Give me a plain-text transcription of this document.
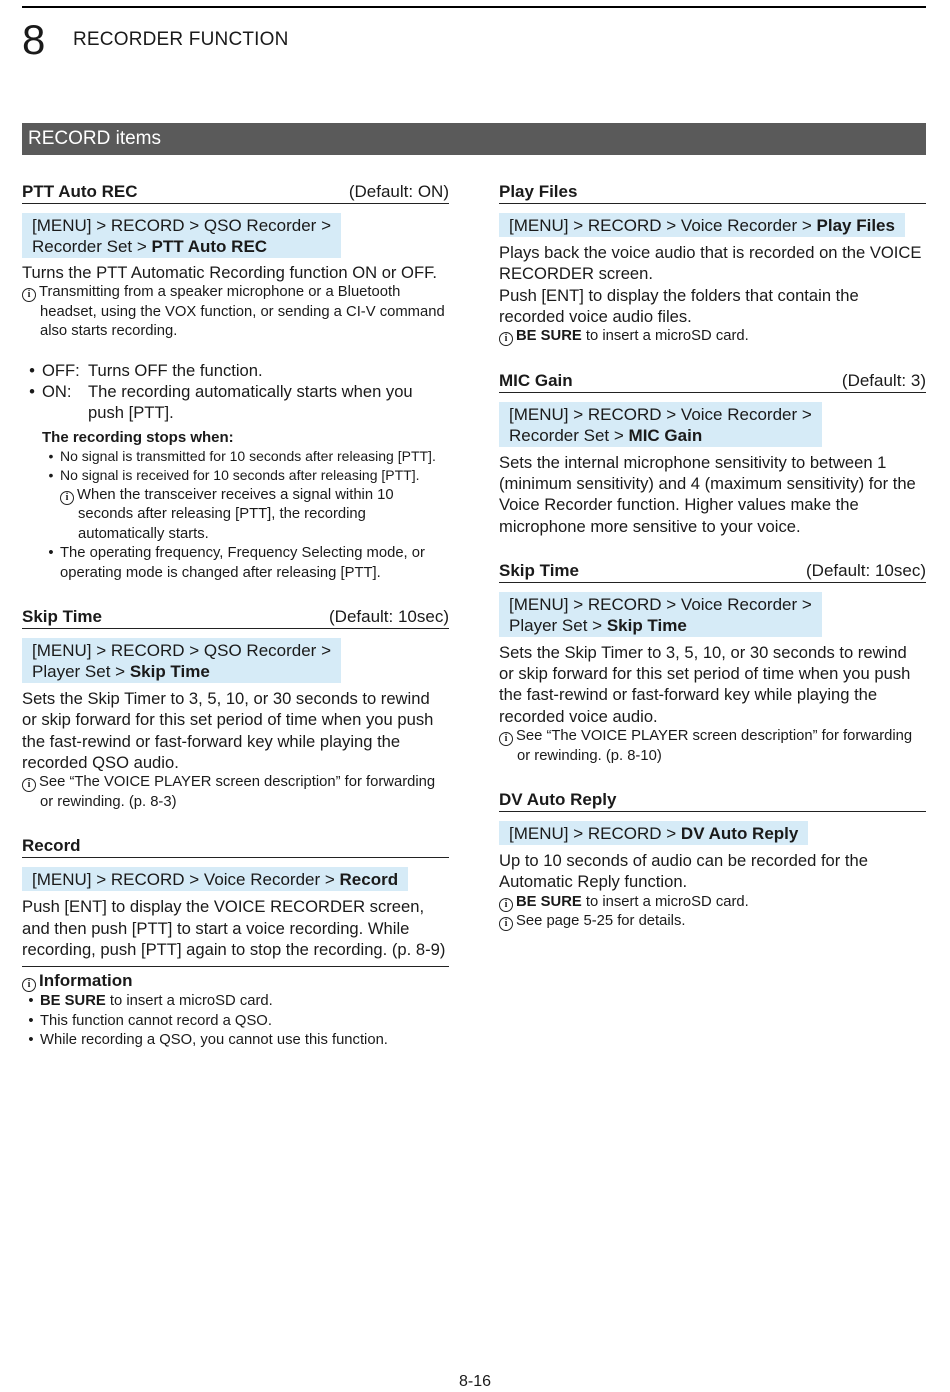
8 RECORDER FUNCTION
RECORD items
PTT Auto REC	(Default: ON)
[MENU] > RECORD > QSO Recorder >
Recorder Set > PTT Auto REC
Turns the PTT Automatic Recording function ON or OFF.
i Transmitting from a speaker microphone or a Bluetooth headset, using the VOX function, or sending a CI-V command also starts recording.
• OFF: Turns OFF the function.
• ON: The recording automatically starts when you push [PTT].
The recording stops when:
• No signal is transmitted for 10 seconds after releasing [PTT].
• No signal is received for 10 seconds after releasing [PTT].
i When the transceiver receives a signal within 10 seconds after releasing [PTT], the recording automatically starts.
• The operating frequency, Frequency Selecting mode, or operating mode is changed after releasing [PTT].
Skip Time	(Default: 10sec)
[MENU] > RECORD > QSO Recorder >
Player Set > Skip Time
Sets the Skip Timer to 3, 5, 10, or 30 seconds to rewind or skip forward for this set period of time when you push the fast-rewind or fast-forward key while playing the recorded QSO audio.
i See “The VOICE PLAYER screen description” for forwarding or rewinding. (p. 8-3)
Record
[MENU] > RECORD > Voice Recorder > Record
Push [ENT] to display the VOICE RECORDER screen, and then push [PTT] to start a voice recording. While recording, push [PTT] again to stop the recording. (p. 8-9)
i Information
• BE SURE to insert a microSD card.
• This function cannot record a QSO.
• While recording a QSO, you cannot use this function.
Play Files
[MENU] > RECORD > Voice Recorder > Play Files
Plays back the voice audio that is recorded on the VOICE RECORDER screen.
Push [ENT] to display the folders that contain the recorded voice audio files.
i BE SURE to insert a microSD card.
MIC Gain	(Default: 3)
[MENU] > RECORD > Voice Recorder >
Recorder Set > MIC Gain
Sets the internal microphone sensitivity to between 1 (minimum sensitivity) and 4 (maximum sensitivity) for the Voice Recorder function. Higher values make the microphone more sensitive to your voice.
Skip Time	(Default: 10sec)
[MENU] > RECORD > Voice Recorder >
Player Set > Skip Time
Sets the Skip Timer to 3, 5, 10, or 30 seconds to rewind or skip forward for this set period of time when you push the fast-rewind or fast-forward key while playing the recorded voice audio.
i See “The VOICE PLAYER screen description” for forwarding or rewinding. (p. 8-10)
DV Auto Reply
[MENU] > RECORD > DV Auto Reply
Up to 10 seconds of audio can be recorded for the Automatic Reply function.
i BE SURE to insert a microSD card.
i See page 5-25 for details.
8-16
